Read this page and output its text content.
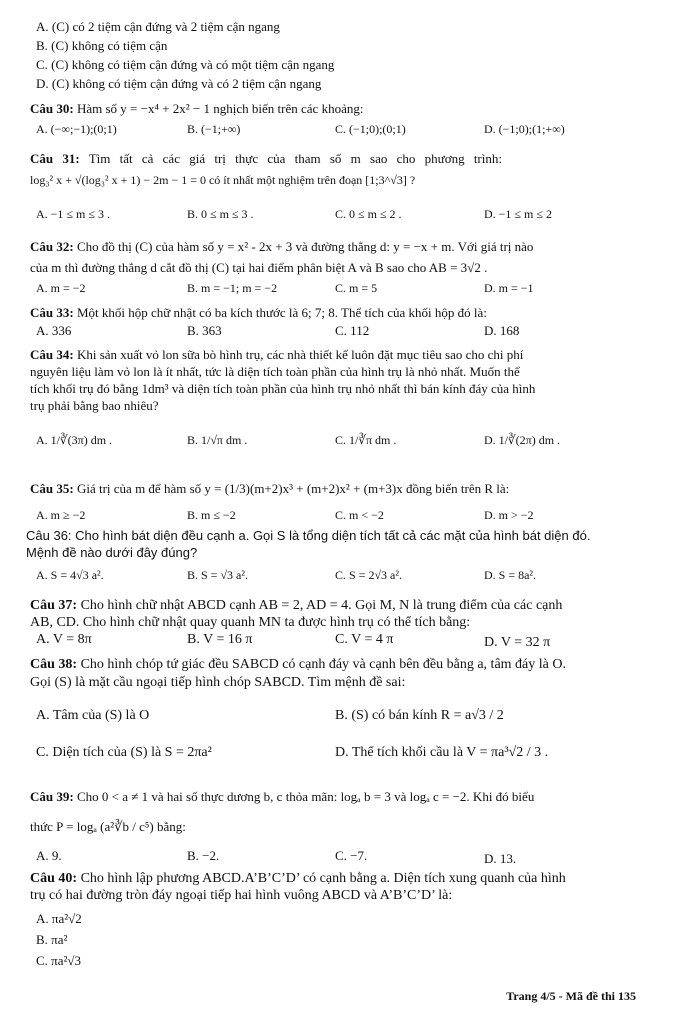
A. (C) có 2 tiệm cận đứng và 2 tiệm cận ngang
B. (C) không có tiệm cận
C. (C) không có tiệm cận đứng và có một tiệm cận ngang
D. (C) không có tiệm cận đứng và có 2 tiệm cận ngang
Câu 30: Hàm số y = −x⁴ + 2x² − 1 nghịch biến trên các khoảng:
A. (−∞;−1);(0;1)	B. (−1;+∞)	C. (−1;0);(0;1)	D. (−1;0);(1;+∞)
Câu 31: Tìm tất cả các giá trị thực của tham số m sao cho phương trình:
log₃² x + √(log₃² x + 1) − 2m − 1 = 0 có ít nhất một nghiệm trên đoạn [1;3^√3] ?
A. −1 ≤ m ≤ 3 .	B. 0 ≤ m ≤ 3 .	C. 0 ≤ m ≤ 2 .	D. −1 ≤ m ≤ 2
Câu 32: Cho đồ thị (C) của hàm số y = x² - 2x + 3 và đường thẳng d: y = −x + m. Với giá trị nào
của m thì đường thẳng d cắt đồ thị (C) tại hai điểm phân biệt A và B sao cho AB = 3√2 .
A. m = −2	B. m = −1; m = −2	C. m = 5	D. m = −1
Câu 33: Một khối hộp chữ nhật có ba kích thước là 6; 7; 8. Thể tích của khối hộp đó là:
A. 336	B. 363	C. 112	D. 168
Câu 34: Khi sản xuất vỏ lon sữa bò hình trụ, các nhà thiết kế luôn đặt mục tiêu sao cho chi phí
nguyên liệu làm vỏ lon là ít nhất, tức là diện tích toàn phần của hình trụ là nhỏ nhất. Muốn thể
tích khối trụ đó bằng 1dm³ và diện tích toàn phần của hình trụ nhỏ nhất thì bán kính đáy của hình
trụ phải bằng bao nhiêu?
A. 1/∛(3π) dm .	B. 1/√π dm .	C. 1/∛π dm .	D. 1/∛(2π) dm .
Câu 35: Giá trị của m để hàm số y = (1/3)(m+2)x³ + (m+2)x² + (m+3)x đồng biến trên R là:
A. m ≥ −2	B. m ≤ −2	C. m < −2	D. m > −2
Câu 36: Cho hình bát diện đều cạnh a. Gọi S là tổng diện tích tất cả các mặt của hình bát diện đó.
Mệnh đề nào dưới đây đúng?
A. S = 4√3 a².	B. S = √3 a².	C. S = 2√3 a².	D. S = 8a².
Câu 37: Cho hình chữ nhật ABCD cạnh AB = 2, AD = 4. Gọi M, N là trung điểm của các cạnh
AB, CD. Cho hình chữ nhật quay quanh MN ta được hình trụ có thể tích bằng:
A. V = 8π	B. V = 16 π	C. V = 4 π	D. V = 32 π
Câu 38: Cho hình chóp tứ giác đều SABCD có cạnh đáy và cạnh bên đều bằng a, tâm đáy là O.
Gọi (S) là mặt cầu ngoại tiếp hình chóp SABCD. Tìm mệnh đề sai:
A. Tâm của (S) là O	B. (S) có bán kính R = a√3 / 2
C. Diện tích của (S) là S = 2πa²	D. Thể tích khối cầu là V = πa³√2 / 3 .
Câu 39: Cho 0 < a ≠ 1 và hai số thực dương b, c thỏa mãn: logₐ b = 3 và logₐ c = −2. Khi đó biểu
thức P = logₐ (a²∛b / c⁵) bằng:
A. 9.	B. −2.	C. −7.	D. 13.
Câu 40: Cho hình lập phương ABCD.A’B’C’D’ có cạnh bằng a. Diện tích xung quanh của hình
trụ có hai đường tròn đáy ngoại tiếp hai hình vuông ABCD và A’B’C’D’ là:
A. πa²√2
B. πa²
C. πa²√3
Trang 4/5 - Mã đề thi 135
